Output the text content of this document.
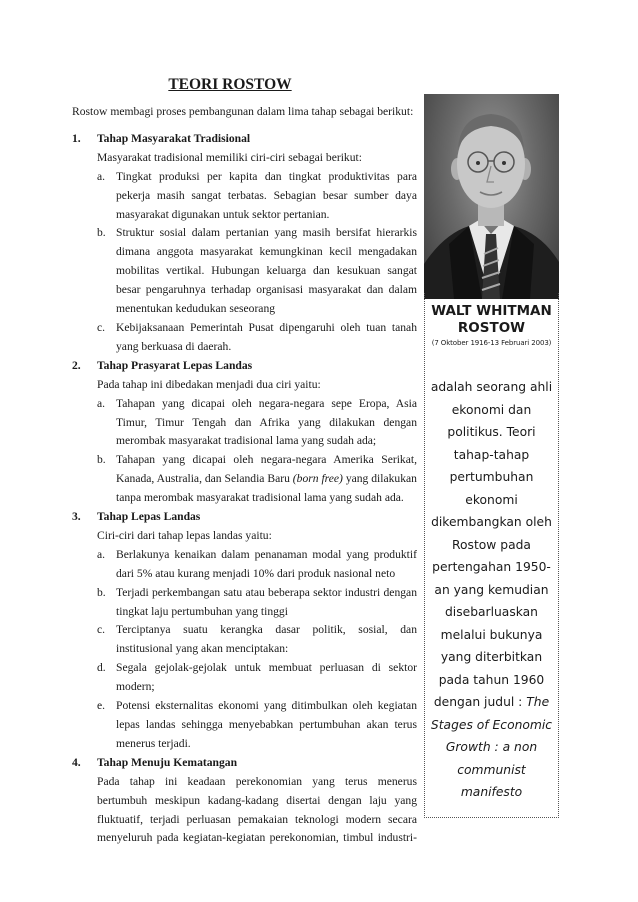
TEORI ROSTOW

Rostow membagi proses pembangunan dalam lima tahap sebagai berikut:

1.	Tahap Masyarakat Tradisional
Masyarakat tradisional memiliki ciri-ciri sebagai berikut:
a. Tingkat produksi per kapita dan tingkat produktivitas para pekerja masih sangat terbatas. Sebagian besar sumber daya masyarakat digunakan untuk sektor pertanian.
b. Struktur sosial dalam pertanian yang masih bersifat hierarkis dimana anggota masyarakat kemungkinan kecil mengadakan mobilitas vertikal. Hubungan keluarga dan kesukuan sangat besar pengaruhnya terhadap organisasi masyarakat dan dalam menentukan kedudukan seseorang
c. Kebijaksanaan Pemerintah Pusat dipengaruhi oleh tuan tanah yang berkuasa di daerah.
2.	Tahap Prasyarat Lepas Landas
Pada tahap ini dibedakan menjadi dua ciri yaitu:
a. Tahapan yang dicapai oleh negara-negara sepe Eropa, Asia Timur, Timur Tengah dan Afrika yang dilakukan dengan merombak masyarakat tradisional lama yang sudah ada;
b. Tahapan yang dicapai oleh negara-negara Amerika Serikat, Kanada, Australia, dan Selandia Baru (born free) yang dilakukan tanpa merombak masyarakat tradisional lama yang sudah ada.
3.	Tahap Lepas Landas
Ciri-ciri dari tahap lepas landas yaitu:
a. Berlakunya kenaikan dalam penanaman modal yang produktif dari 5% atau kurang menjadi 10% dari produk nasional neto
b. Terjadi perkembangan satu atau beberapa sektor industri dengan tingkat laju pertumbuhan yang tinggi
c. Terciptanya suatu kerangka dasar politik, sosial, dan institusional yang akan menciptakan:
d. Segala gejolak-gejolak untuk membuat perluasan di sektor modern;
e. Potensi eksternalitas ekonomi yang ditimbulkan oleh kegiatan lepas landas sehingga menyebabkan pertumbuhan akan terus menerus terjadi.
4.	Tahap Menuju Kematangan
Pada tahap ini keadaan perekonomian yang terus menerus bertumbuh meskipun kadang-kadang disertai dengan laju yang fluktuatif, terjadi perluasan pemakaian teknologi modern secara menyeluruh pada kegiatan-kegiatan perekonomian, timbul industri-
WALT WHITMAN
ROSTOW
(7 Oktober 1916-13 Februari 2003)
adalah seorang ahli ekonomi dan politikus. Teori tahap-tahap pertumbuhan ekonomi dikembangkan oleh Rostow pada pertengahan 1950-an yang kemudian disebarluaskan melalui bukunya yang diterbitkan pada tahun 1960 dengan judul : The Stages of Economic Growth : a non communist manifesto
